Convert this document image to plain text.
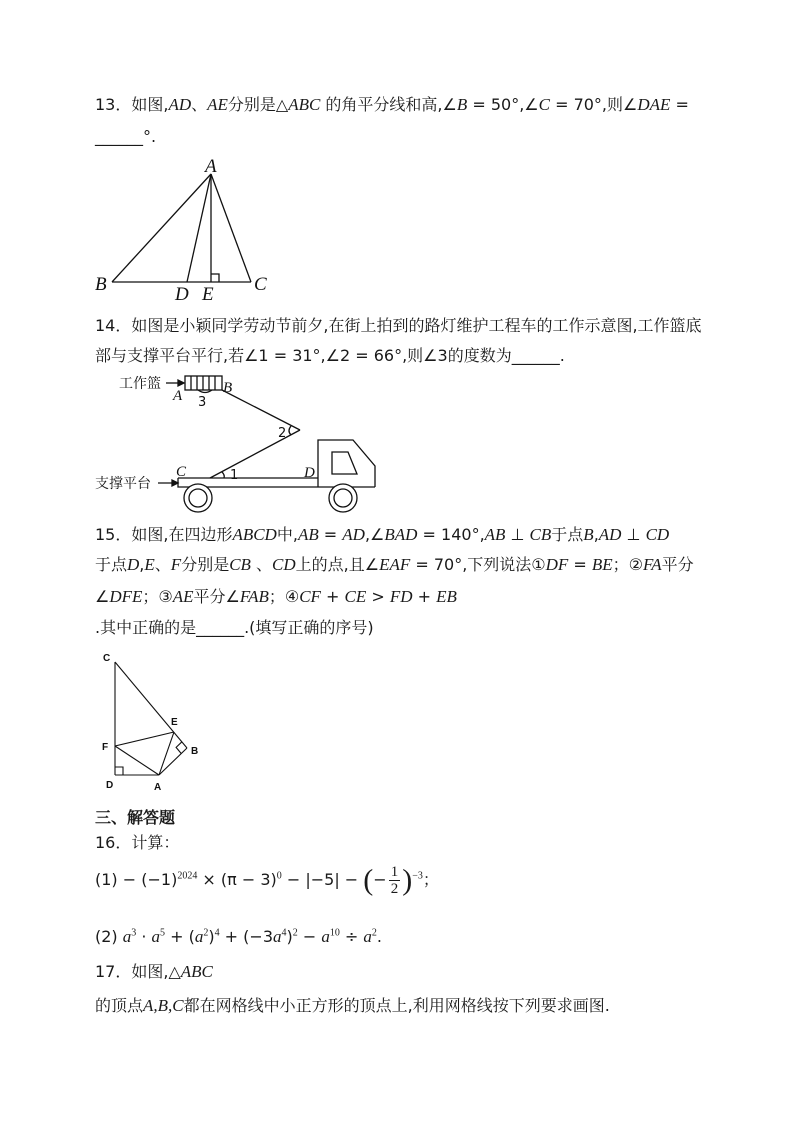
13．如图,AD、AE分别是△ABC 的角平分线和高,∠B = 50°,∠C = 70°,则∠DAE =
______°.
14．如图是小颖同学劳动节前夕,在街上拍到的路灯维护工程车的工作示意图,工作篮底
部与支撑平台平行,若∠1 = 31°,∠2 = 66°,则∠3的度数为______.
15．如图,在四边形ABCD中,AB = AD,∠BAD = 140°,AB ⊥ CB于点B,AD ⊥ CD
于点D,E、F分别是CB 、CD上的点,且∠EAF = 70°,下列说法①DF = BE；②FA平分
∠DFE；③AE平分∠FAB；④CF + CE > FD + EB
.其中正确的是______.(填写正确的序号)
三、解答题
16．计算：
$(1) - (-1)^{2024} \times (\pi - 3)^0 - |-5|$ − (− $\frac{1}{2} )^{-3}$；
(2) $a^3 \cdot a^5 + (a^2)^4 + (-3a^4)^2 - a^{10} \div a^2$.
17．如图,△ABC
的顶点A,B,C都在网格线中小正方形的顶点上,利用网格线按下列要求画图.
A
B	D E C
工作篮
支撑平台
A	B
3
2
C	1	D
C
F
E
B
D	A
